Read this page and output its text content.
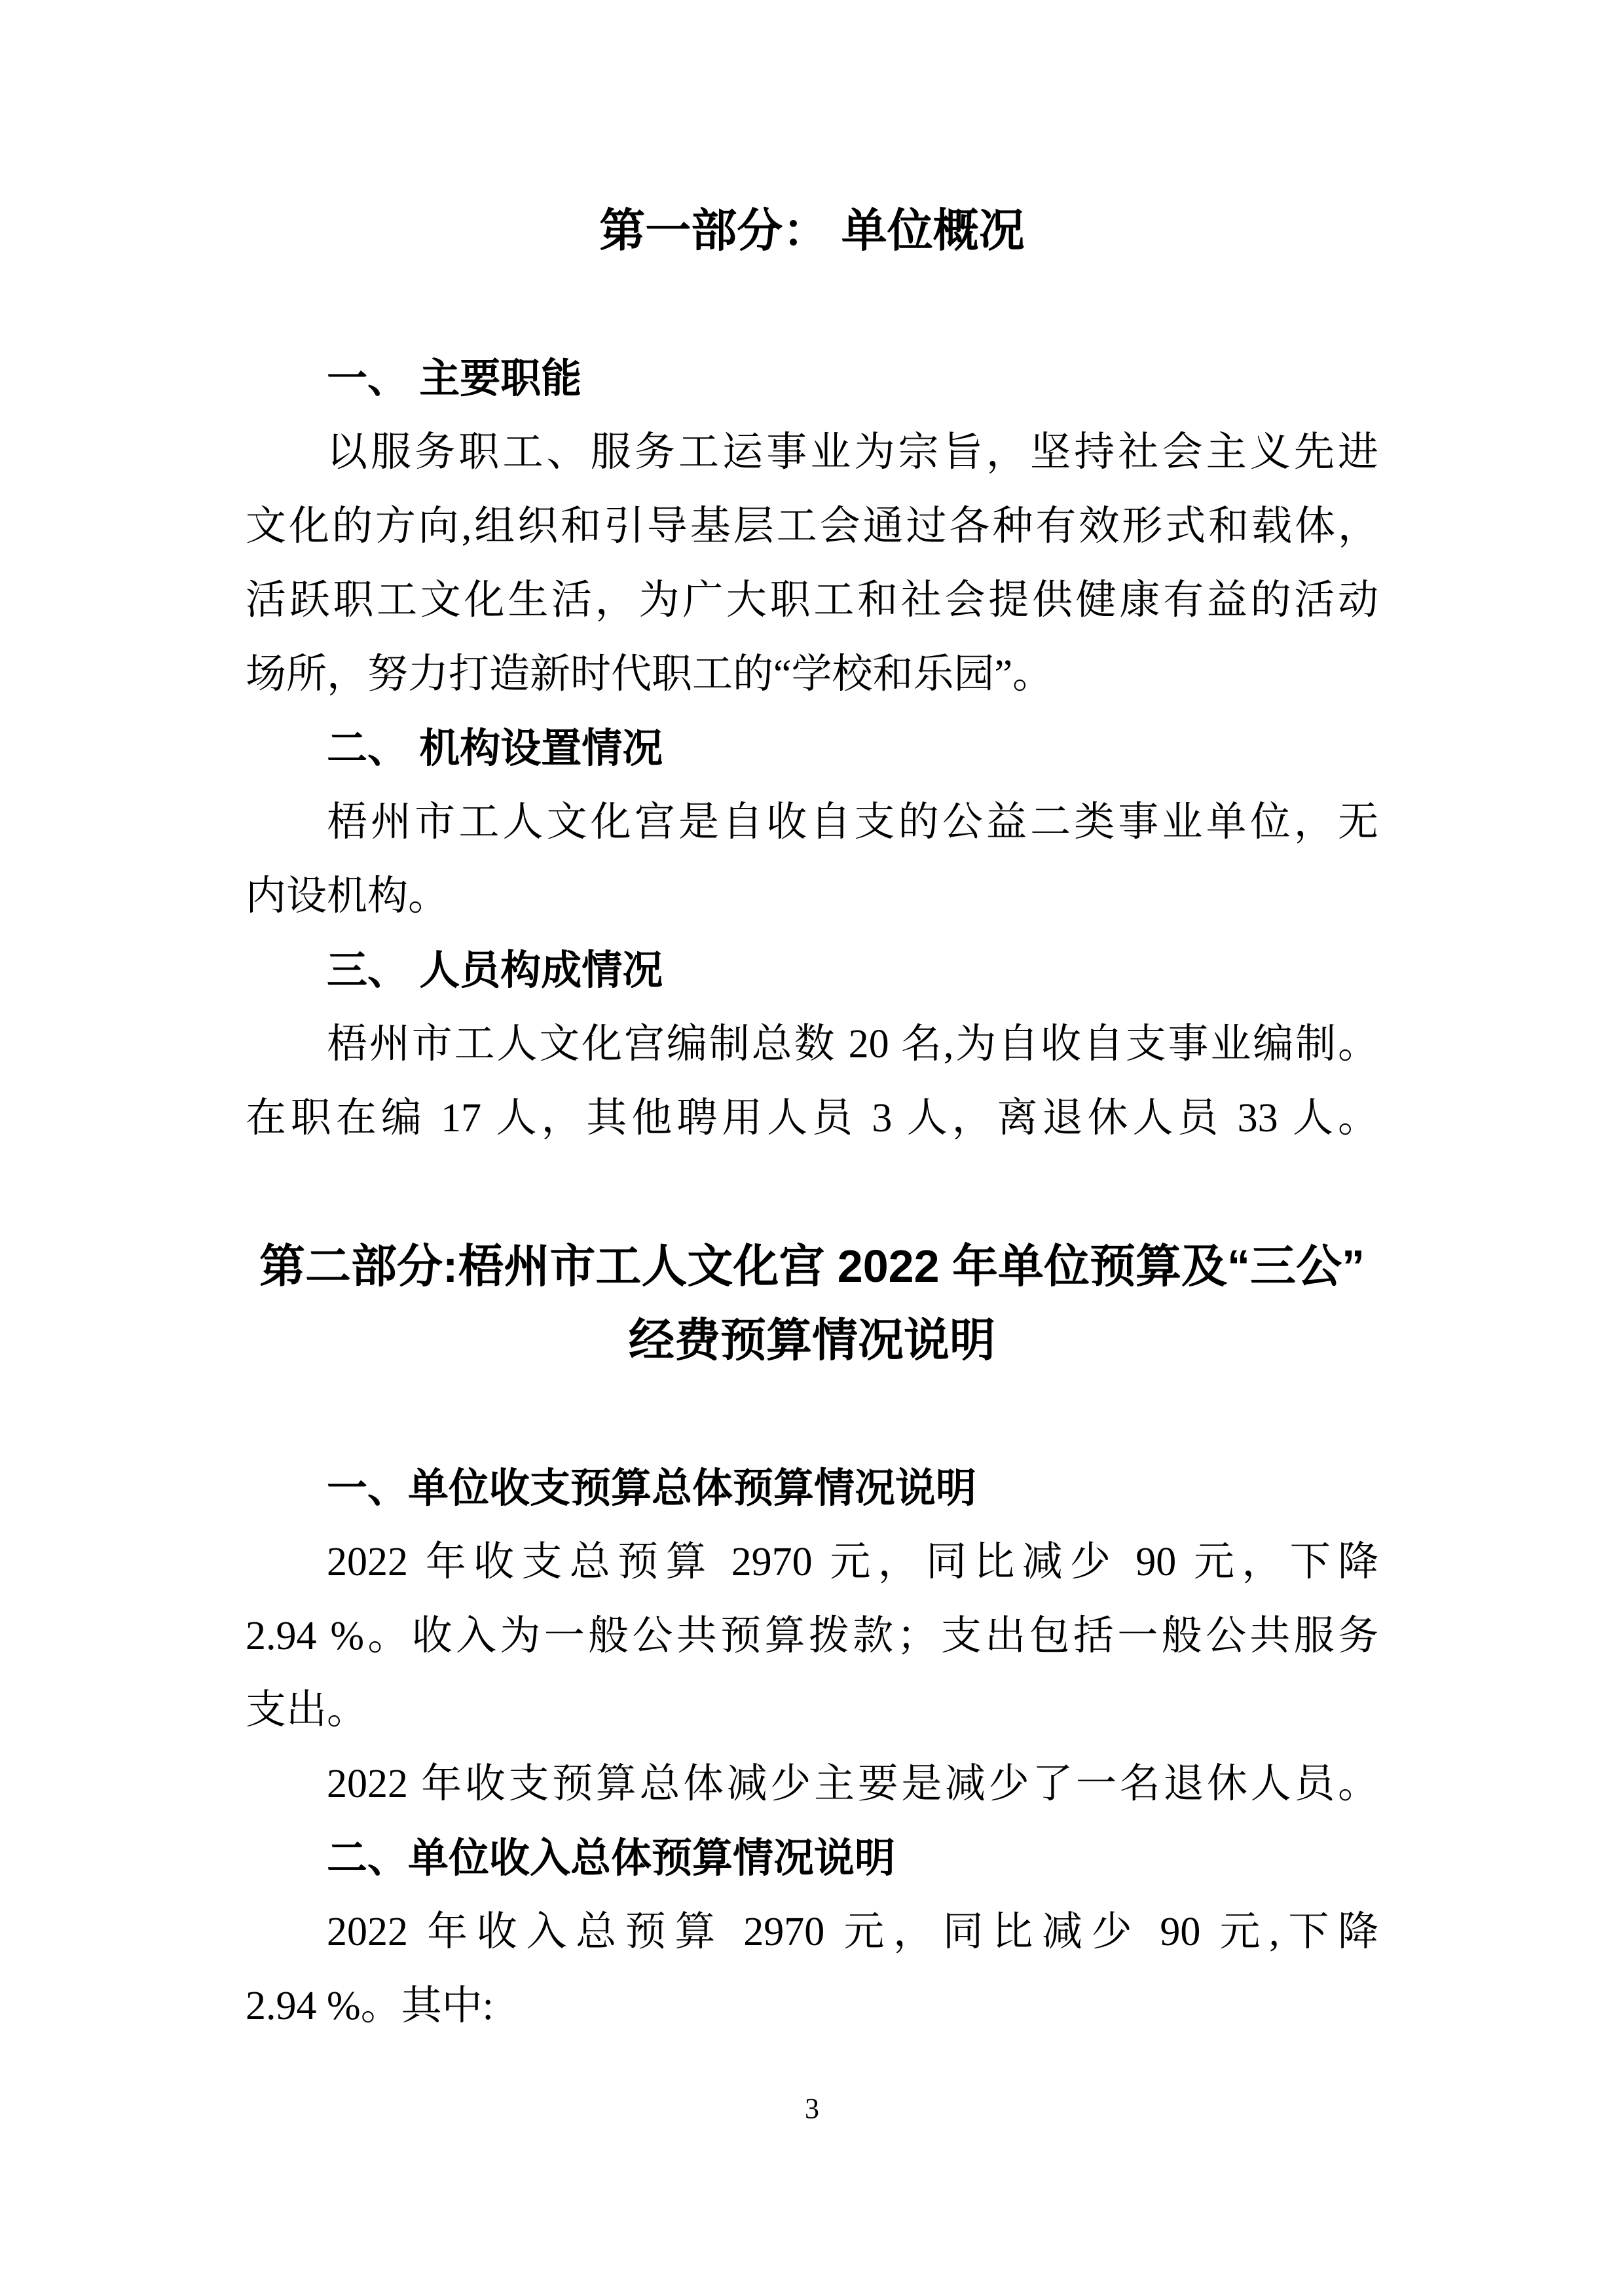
第一部分： 单位概况
一、 主要职能
以服务职工、服务工运事业为宗旨，坚持社会主义先进
文化的方向,组织和引导基层工会通过各种有效形式和载体，
活跃职工文化生活，为广大职工和社会提供健康有益的活动
场所，努力打造新时代职工的“学校和乐园”。
二、 机构设置情况
梧州市工人文化宫是自收自支的公益二类事业单位，无
内设机构。
三、 人员构成情况
梧州市工人文化宫编制总数 20 名,为自收自支事业编制。
在职在编 17 人，其他聘用人员 3 人，离退休人员 33 人。
第二部分:梧州市工人文化宫 2022 年单位预算及“三公”
经费预算情况说明
一、单位收支预算总体预算情况说明
2022 年收支总预算 2970 元，同比减少 90 元，下降
2.94 %。收入为一般公共预算拨款；支出包括一般公共服务
支出。
2022 年收支预算总体减少主要是减少了一名退休人员。
二、单位收入总体预算情况说明
2022 年收入总预算 2970 元，同比减少 90 元,下降
2.94 %。其中:
3
